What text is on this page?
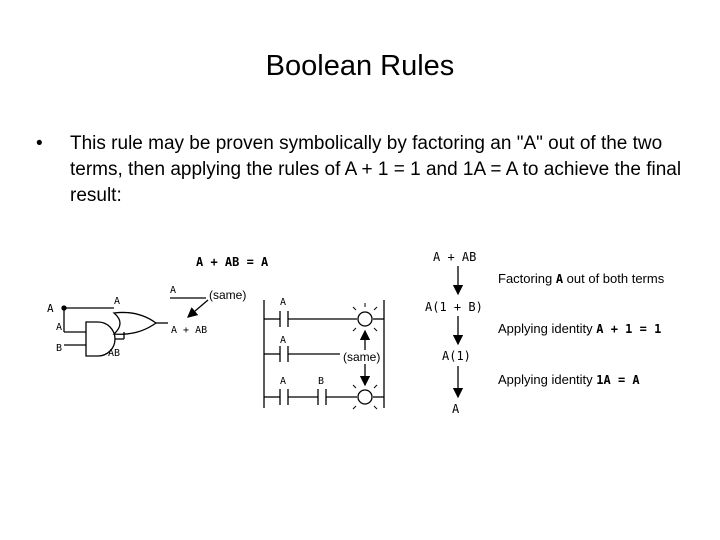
Boolean Rules
• This rule may be proven symbolically by factoring an "A" out of the two terms, then applying the rules of A + 1 = 1 and 1A = A to achieve the final result:
A + AB = A
A
A
B
A
A
AB
A + AB
(same)
A
A
A	B
(same)
A + AB
A(1 + B)
A(1)
A
Factoring A out of both terms
Applying identity A + 1 = 1
Applying identity 1A = A
